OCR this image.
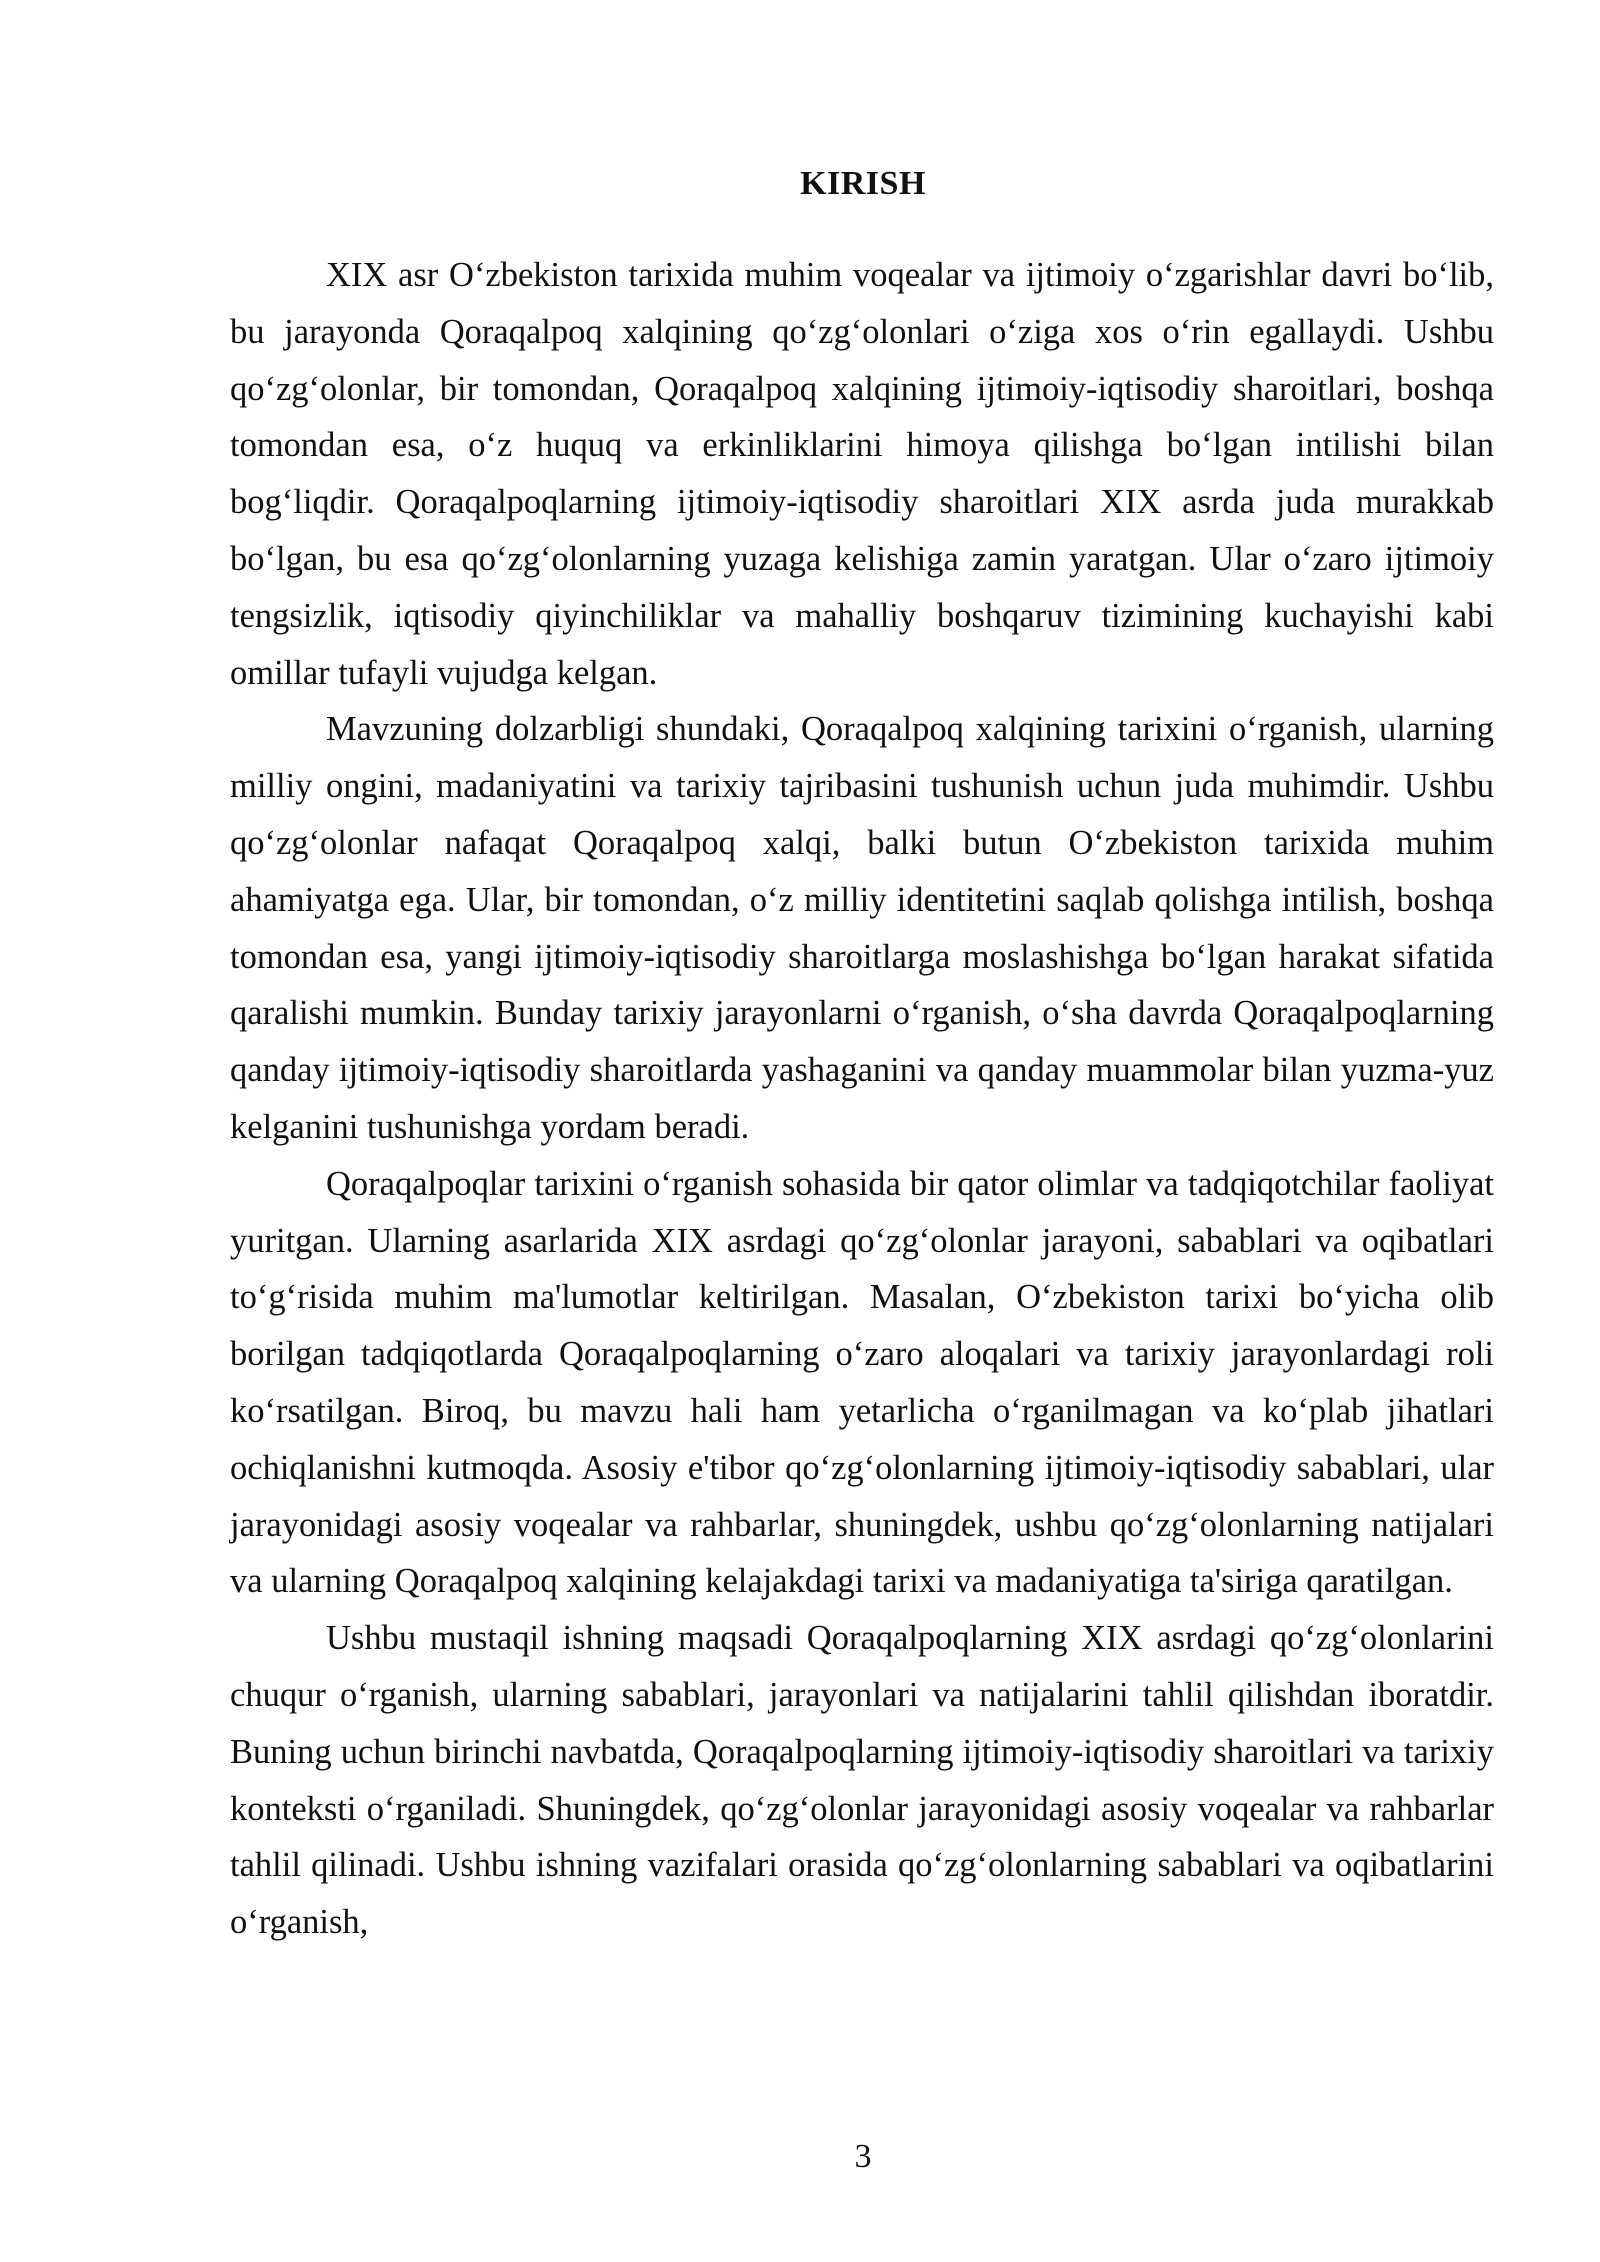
KIRISH

XIX asr O‘zbekiston tarixida muhim voqealar va ijtimoiy o‘zgarishlar davri bo‘lib, bu jarayonda Qoraqalpoq xalqining qo‘zg‘olonlari o‘ziga xos o‘rin egallaydi. Ushbu qo‘zg‘olonlar, bir tomondan, Qoraqalpoq xalqining ijtimoiy-iqtisodiy sharoitlari, boshqa tomondan esa, o‘z huquq va erkinliklarini himoya qilishga bo‘lgan intilishi bilan bog‘liqdir. Qoraqalpoqlarning ijtimoiy-iqtisodiy sharoitlari XIX asrda juda murakkab bo‘lgan, bu esa qo‘zg‘olonlarning yuzaga kelishiga zamin yaratgan. Ular o‘zaro ijtimoiy tengsizlik, iqtisodiy qiyinchiliklar va mahalliy boshqaruv tizimining kuchayishi kabi omillar tufayli vujudga kelgan.

Mavzuning dolzarbligi shundaki, Qoraqalpoq xalqining tarixini o‘rganish, ularning milliy ongini, madaniyatini va tarixiy tajribasini tushunish uchun juda muhimdir. Ushbu qo‘zg‘olonlar nafaqat Qoraqalpoq xalqi, balki butun O‘zbekiston tarixida muhim ahamiyatga ega. Ular, bir tomondan, o‘z milliy identitetini saqlab qolishga intilish, boshqa tomondan esa, yangi ijtimoiy-iqtisodiy sharoitlarga moslashishga bo‘lgan harakat sifatida qaralishi mumkin. Bunday tarixiy jarayonlarni o‘rganish, o‘sha davrda Qoraqalpoqlarning qanday ijtimoiy-iqtisodiy sharoitlarda yashaganini va qanday muammolar bilan yuzma-yuz kelganini tushunishga yordam beradi.

Qoraqalpoqlar tarixini o‘rganish sohasida bir qator olimlar va tadqiqotchilar faoliyat yuritgan. Ularning asarlarida XIX asrdagi qo‘zg‘olonlar jarayoni, sabablari va oqibatlari to‘g‘risida muhim ma'lumotlar keltirilgan. Masalan, O‘zbekiston tarixi bo‘yicha olib borilgan tadqiqotlarda Qoraqalpoqlarning o‘zaro aloqalari va tarixiy jarayonlardagi roli ko‘rsatilgan. Biroq, bu mavzu hali ham yetarlicha o‘rganilmagan va ko‘plab jihatlari ochiqlanishni kutmoqda. Asosiy e'tibor qo‘zg‘olonlarning ijtimoiy-iqtisodiy sabablari, ular jarayonidagi asosiy voqealar va rahbarlar, shuningdek, ushbu qo‘zg‘olonlarning natijalari va ularning Qoraqalpoq xalqining kelajakdagi tarixi va madaniyatiga ta'siriga qaratilgan.

Ushbu mustaqil ishning maqsadi Qoraqalpoqlarning XIX asrdagi qo‘zg‘olonlarini chuqur o‘rganish, ularning sabablari, jarayonlari va natijalarini tahlil qilishdan iboratdir. Buning uchun birinchi navbatda, Qoraqalpoqlarning ijtimoiy-iqtisodiy sharoitlari va tarixiy konteksti o‘rganiladi. Shuningdek, qo‘zg‘olonlar jarayonidagi asosiy voqealar va rahbarlar tahlil qilinadi. Ushbu ishning vazifalari orasida qo‘zg‘olonlarning sabablari va oqibatlarini o‘rganish,

3
